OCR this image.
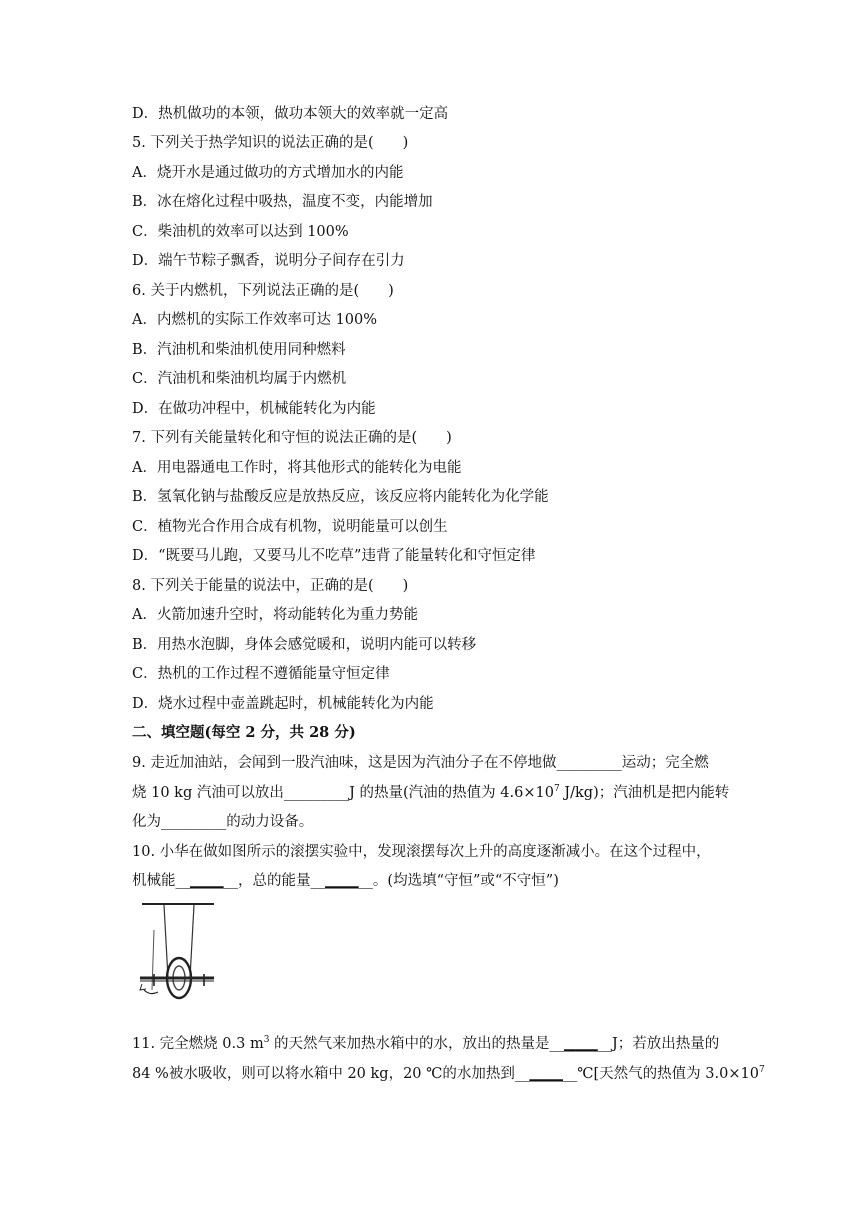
D．热机做功的本领，做功本领大的效率就一定高
5. 下列关于热学知识的说法正确的是(　　)
A．烧开水是通过做功的方式增加水的内能
B．冰在熔化过程中吸热，温度不变，内能增加
C．柴油机的效率可以达到 100%
D．端午节粽子飘香，说明分子间存在引力
6. 关于内燃机，下列说法正确的是(　　)
A．内燃机的实际工作效率可达 100%
B．汽油机和柴油机使用同种燃料
C．汽油机和柴油机均属于内燃机
D．在做功冲程中，机械能转化为内能
7. 下列有关能量转化和守恒的说法正确的是(　　)
A．用电器通电工作时，将其他形式的能转化为电能
B．氢氧化钠与盐酸反应是放热反应，该反应将内能转化为化学能
C．植物光合作用合成有机物，说明能量可以创生
D．“既要马儿跑，又要马儿不吃草”违背了能量转化和守恒定律
8. 下列关于能量的说法中，正确的是(　　)
A．火箭加速升空时，将动能转化为重力势能
B．用热水泡脚，身体会感觉暖和，说明内能可以转移
C．热机的工作过程不遵循能量守恒定律
D．烧水过程中壶盖跳起时，机械能转化为内能
二、填空题(每空 2 分，共 28 分)
9. 走近加油站，会闻到一股汽油味，这是因为汽油分子在不停地做_________运动；完全燃
烧 10 kg 汽油可以放出_________J 的热量(汽油的热值为 $4.6\times 10^7$ J/kg)；汽油机是把内能转
化为_________的动力设备。
10. 小华在做如图所示的滚摆实验中，发现滚摆每次上升的高度逐渐减小。在这个过程中，
机械能__▁▁▁__，总的能量__▁▁▁__。(均选填“守恒”或“不守恒”)
11. 完全燃烧 0.3 $m^3$ 的天然气来加热水箱中的水，放出的热量是__▁▁▁__J；若放出热量的
84 %被水吸收，则可以将水箱中 20 kg，20 ℃的水加热到__▁▁▁__℃[天然气的热值为 $3.0\times 10^7$
